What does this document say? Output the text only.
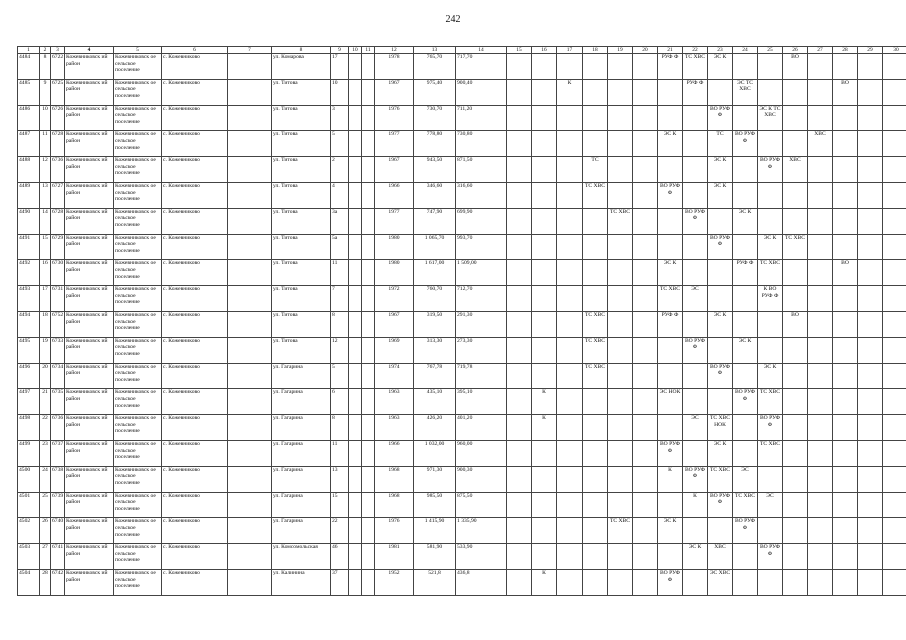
242
1	2	3	4	5	6	7	8	9	10	11	12	13	14	15	16	17	18	19	20	21	22	23	24	25	26	27	28	29	30
4484	8	6722	Кожевниковск ий район	Кожевниковск ое сельское поселение	с. Кожевниково		ул. Комарова	17			1978	765,70	717,70							РУФ Ф	ТС ХВС	ЭС К			ВО				
4485	9	6725	Кожевниковск ий район	Кожевниковск ое сельское поселение	с. Кожевниково		ул. Титова	10			1967	975,40	900,40			К					РУФ Ф		ЭС ТС ХВС				ВО		
4486	10	6726	Кожевниковск ий район	Кожевниковск ое сельское поселение	с. Кожевниково		ул. Титова	3			1976	730,70	711,20									ВО РУФ Ф		ЭС К ТС ХВС					
4487	11	6728	Кожевниковск ий район	Кожевниковск ое сельское поселение	с. Кожевниково		ул. Титова	5			1977	778,80	730,80							ЭС К		ТС	ВО РУФ Ф			ХВС			
4488	12	6736	Кожевниковск ий район	Кожевниковск ое сельское поселение	с. Кожевниково		ул. Титова	2			1967	943,50	871,50				ТС					ЭС К		ВО РУФ Ф	ХВС				
4489	13	6727	Кожевниковск ий район	Кожевниковск ое сельское поселение	с. Кожевниково		ул. Титова	4			1966	346,60	316,60				ТС ХВС			ВО РУФ Ф		ЭС К							
4490	14	6728	Кожевниковск ий район	Кожевниковск ое сельское поселение	с. Кожевниково		ул. Титова	3а			1977	747,90	699,90					ТС ХВС			ВО РУФ Ф		ЭС К						
4491	15	6729	Кожевниковск ий район	Кожевниковск ое сельское поселение	с. Кожевниково		ул. Титова	5а			1980	1 065,70	993,70									ВО РУФ Ф		ЭС К	ТС ХВС				
4492	16	6730	Кожевниковск ий район	Кожевниковск ое сельское поселение	с. Кожевниково		ул. Титова	11			1980	1 617,00	1 509,00							ЭС К			РУФ Ф	ТС ХВС			ВО		
4493	17	6731	Кожевниковск ий район	Кожевниковск ое сельское поселение	с. Кожевниково		ул. Титова	7			1972	760,70	712,70							ТС ХВС	ЭС			К ВО РУФ Ф					
4494	18	6752	Кожевниковск ий район	Кожевниковск ое сельское поселение	с. Кожевниково		ул. Титова	8			1967	319,50	291,30				ТС ХВС			РУФ Ф		ЭС К			ВО				
4495	19	6733	Кожевниковск ий район	Кожевниковск ое сельское поселение	с. Кожевниково		ул. Титова	12			1969	313,30	273,30				ТС ХВС				ВО РУФ Ф		ЭС К						
4496	20	6734	Кожевниковск ий район	Кожевниковск ое сельское поселение	с. Кожевниково		ул. Гагарина	5			1974	767,78	719,78				ТС ХВС					ВО РУФ Ф		ЭС К					
4497	21	6735	Кожевниковск ий район	Кожевниковск ое сельское поселение	с. Кожевниково		ул. Гагарина	6			1963	435,10	395,10		К					ЭС НОК			ВО РУФ Ф	ТС ХВС					
4498	22	6736	Кожевниковск ий район	Кожевниковск ое сельское поселение	с. Кожевниково		ул. Гагарина	8			1963	426,20	401,20		К						ЭС	ТС ХВС НОК		ВО РУФ Ф					
4499	23	6737	Кожевниковск ий район	Кожевниковск ое сельское поселение	с. Кожевниково		ул. Гагарина	11			1966	1 032,00	960,00							ВО РУФ Ф		ЭС К		ТС ХВС					
4500	24	6738	Кожевниковск ий район	Кожевниковск ое сельское поселение	с. Кожевниково		ул. Гагарина	13			1968	971,30	900,30							К	ВО РУФ Ф	ТС ХВС	ЭС						
4501	25	6739	Кожевниковск ий район	Кожевниковск ое сельское поселение	с. Кожевниково		ул. Гагарина	15			1968	985,50	875,50								К	ВО РУФ Ф	ТС ХВС	ЭС					
4502	26	6740	Кожевниковск ий район	Кожевниковск ое сельское поселение	с. Кожевниково		ул. Гагарина	22			1976	1 415,90	1 335,90					ТС ХВС		ЭС К			ВО РУФ Ф						
4503	27	6741	Кожевниковск ий район	Кожевниковск ое сельское поселение	с. Кожевниково		ул. Комсомольская	46			1981	581,90	533,90								ЭС К	ХВС		ВО РУФ Ф					
4504	28	6742	Кожевниковск ий район	Кожевниковск ое сельское поселение	с. Кожевниково		ул. Калинина	37			1952	521,8	436,8		К					ВО РУФ Ф		ЭС ХВС							
